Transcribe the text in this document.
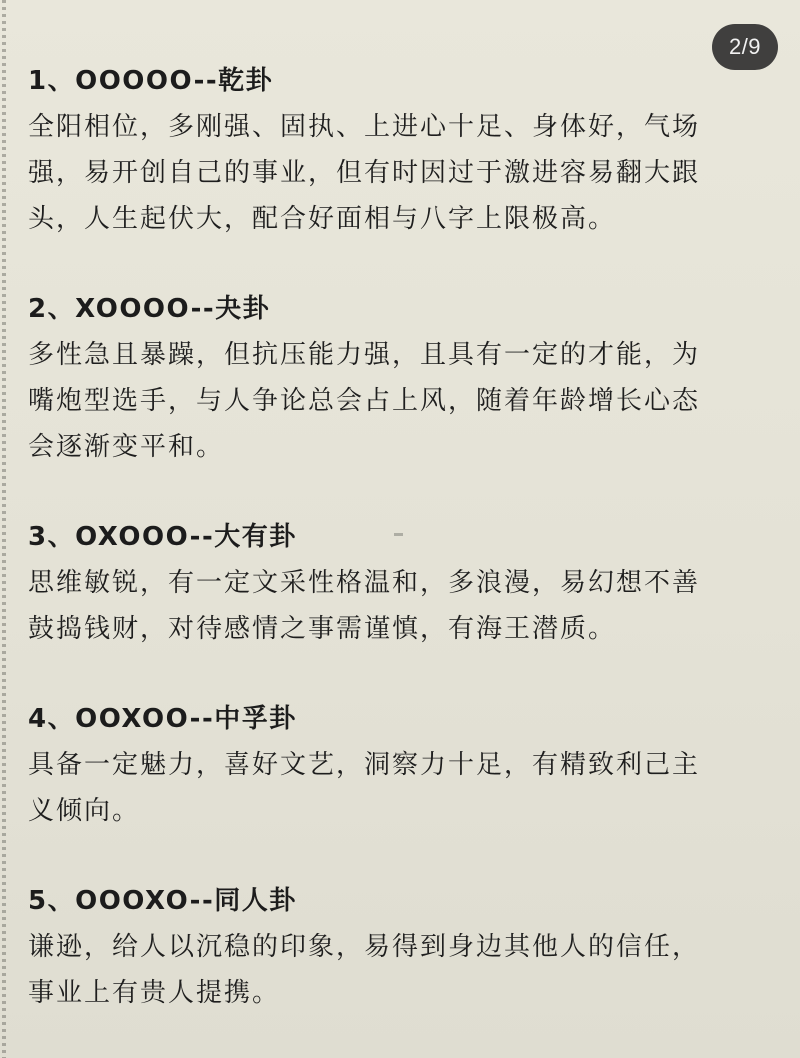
2/9
1、OOOOO--乾卦
全阳相位，多刚强、固执、上进心十足、身体好，气场
强，易开创自己的事业，但有时因过于激进容易翻大跟
头，人生起伏大，配合好面相与八字上限极高。
2、XOOOO--夬卦
多性急且暴躁，但抗压能力强，且具有一定的才能，为
嘴炮型选手，与人争论总会占上风，随着年龄增长心态
会逐渐变平和。
3、OXOOO--大有卦
思维敏锐，有一定文采性格温和，多浪漫，易幻想不善
鼓捣钱财，对待感情之事需谨慎，有海王潜质。
4、OOXOO--中孚卦
具备一定魅力，喜好文艺，洞察力十足，有精致利己主
义倾向。
5、OOOXO--同人卦
谦逊，给人以沉稳的印象，易得到身边其他人的信任，
事业上有贵人提携。
